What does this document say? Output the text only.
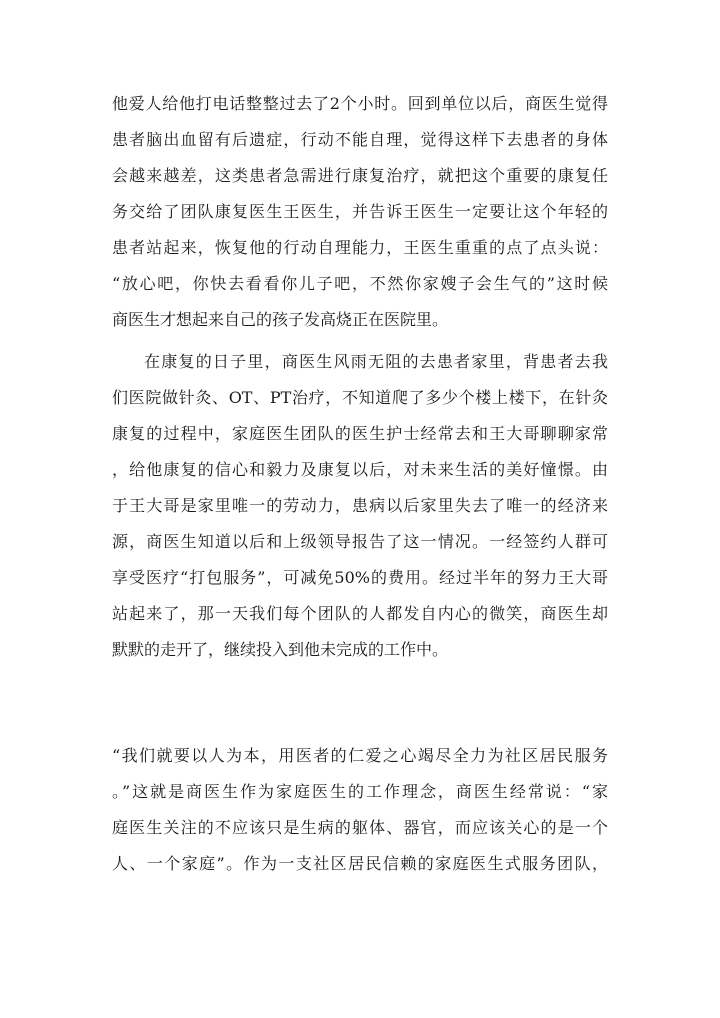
他爱人给他打电话整整过去了2个小时。回到单位以后，商医生觉得
患者脑出血留有后遗症，行动不能自理，觉得这样下去患者的身体
会越来越差，这类患者急需进行康复治疗，就把这个重要的康复任
务交给了团队康复医生王医生，并告诉王医生一定要让这个年轻的
患者站起来，恢复他的行动自理能力，王医生重重的点了点头说：
“放心吧，你快去看看你儿子吧，不然你家嫂子会生气的”这时候
商医生才想起来自己的孩子发高烧正在医院里。
在康复的日子里，商医生风雨无阻的去患者家里，背患者去我
们医院做针灸、OT、PT治疗，不知道爬了多少个楼上楼下，在针灸
康复的过程中，家庭医生团队的医生护士经常去和王大哥聊聊家常
，给他康复的信心和毅力及康复以后，对未来生活的美好憧憬。由
于王大哥是家里唯一的劳动力，患病以后家里失去了唯一的经济来
源，商医生知道以后和上级领导报告了这一情况。一经签约人群可
享受医疗“打包服务”，可减免50%的费用。经过半年的努力王大哥
站起来了，那一天我们每个团队的人都发自内心的微笑，商医生却
默默的走开了，继续投入到他未完成的工作中。
“我们就要以人为本，用医者的仁爱之心竭尽全力为社区居民服务
。”这就是商医生作为家庭医生的工作理念，商医生经常说：“家
庭医生关注的不应该只是生病的躯体、器官，而应该关心的是一个
人、一个家庭”。作为一支社区居民信赖的家庭医生式服务团队，
